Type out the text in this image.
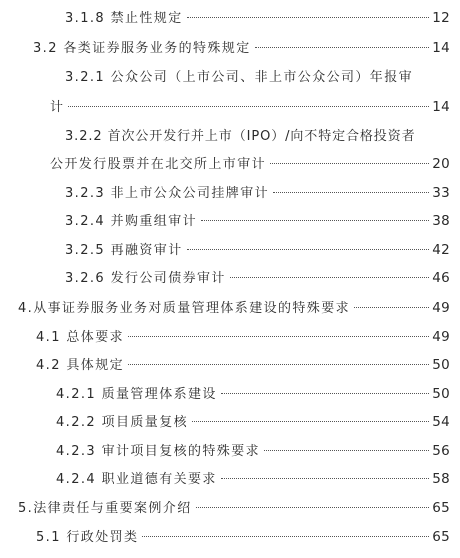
3.1.8 禁止性规定	12
3.2 各类证券服务业务的特殊规定	14
3.2.1 公众公司（上市公司、非上市公众公司）年报审
计	14
3.2.2 首次公开发行并上市（IPO）/向不特定合格投资者
公开发行股票并在北交所上市审计	20
3.2.3 非上市公众公司挂牌审计	33
3.2.4 并购重组审计	38
3.2.5 再融资审计	42
3.2.6 发行公司债券审计	46
4.从事证券服务业务对质量管理体系建设的特殊要求	49
4.1 总体要求	49
4.2 具体规定	50
4.2.1 质量管理体系建设	50
4.2.2 项目质量复核	54
4.2.3 审计项目复核的特殊要求	56
4.2.4 职业道德有关要求	58
5.法律责任与重要案例介绍	65
5.1 行政处罚类	65
